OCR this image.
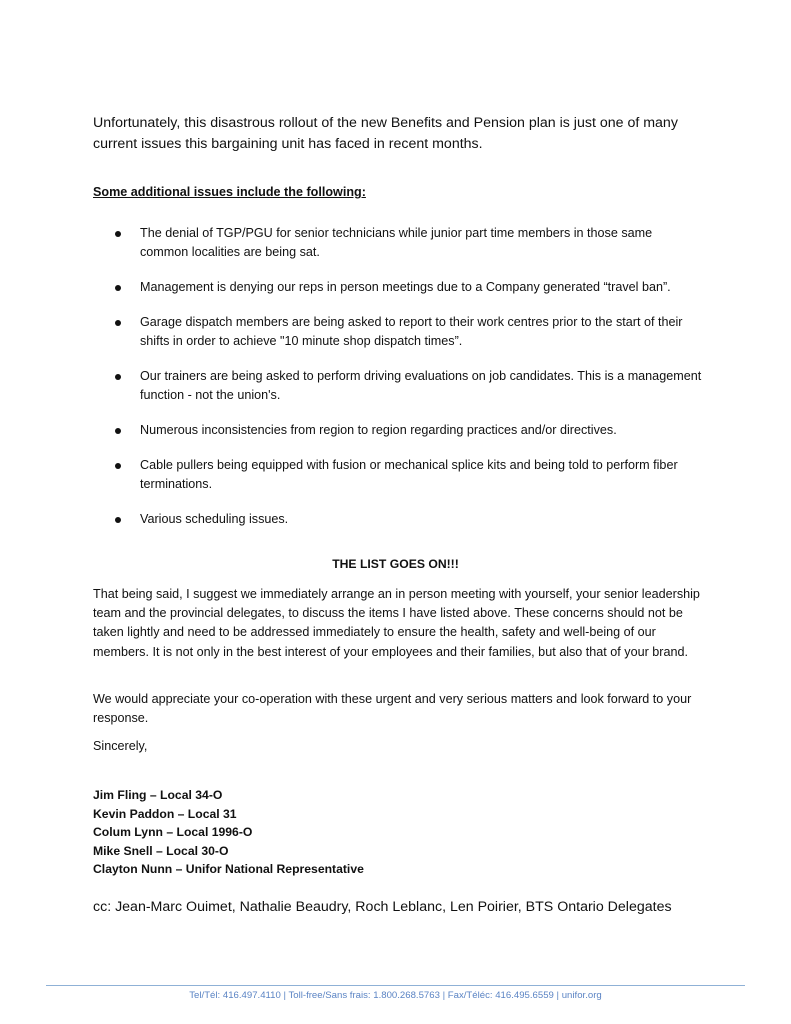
Unfortunately, this disastrous rollout of the new Benefits and Pension plan is just one of many current issues this bargaining unit has faced in recent months.

Some additional issues include the following:

The denial of TGP/PGU for senior technicians while junior part time members in those same common localities are being sat.
Management is denying our reps in person meetings due to a Company generated “travel ban”.
Garage dispatch members are being asked to report to their work centres prior to the start of their shifts in order to achieve "10 minute shop dispatch times”.
Our trainers are being asked to perform driving evaluations on job candidates. This is a management function - not the union's.
Numerous inconsistencies from region to region regarding practices and/or directives.
Cable pullers being equipped with fusion or mechanical splice kits and being told to perform fiber terminations.
Various scheduling issues.

THE LIST GOES ON!!!

That being said, I suggest we immediately arrange an in person meeting with yourself, your senior leadership team and the provincial delegates, to discuss the items I have listed above. These concerns should not be taken lightly and need to be addressed immediately to ensure the health, safety and well-being of our members. It is not only in the best interest of your employees and their families, but also that of your brand.

We would appreciate your co-operation with these urgent and very serious matters and look forward to your response.

Sincerely,

Jim Fling – Local 34-O
Kevin Paddon – Local 31
Colum Lynn – Local 1996-O
Mike Snell – Local 30-O
Clayton Nunn – Unifor National Representative

cc: Jean-Marc Ouimet, Nathalie Beaudry, Roch Leblanc, Len Poirier, BTS Ontario Delegates

Tel/Tél: 416.497.4110 | Toll-free/Sans frais: 1.800.268.5763 | Fax/Téléc: 416.495.6559 | unifor.org
